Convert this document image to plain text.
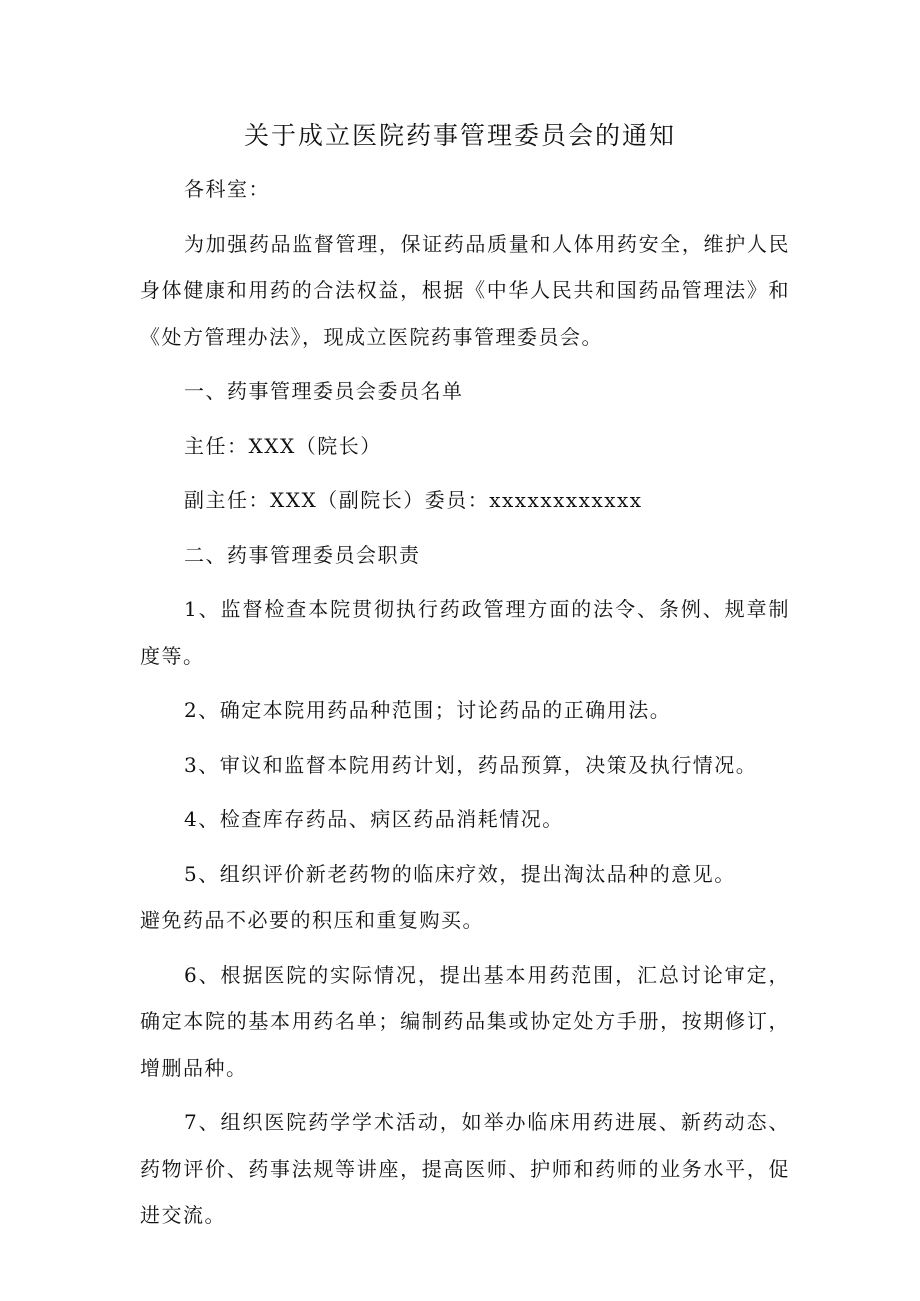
关于成立医院药事管理委员会的通知

各科室：

为加强药品监督管理，保证药品质量和人体用药安全，维护人民身体健康和用药的合法权益，根据《中华人民共和国药品管理法》和《处方管理办法》，现成立医院药事管理委员会。

一、药事管理委员会委员名单

主任：XXX（院长）

副主任：XXX（副院长）委员：xxxxxxxxxxxx

二、药事管理委员会职责

1、监督检查本院贯彻执行药政管理方面的法令、条例、规章制度等。

2、确定本院用药品种范围；讨论药品的正确用法。

3、审议和监督本院用药计划，药品预算，决策及执行情况。

4、检查库存药品、病区药品消耗情况。

5、组织评价新老药物的临床疗效，提出淘汰品种的意见。

避免药品不必要的积压和重复购买。

6、根据医院的实际情况，提出基本用药范围，汇总讨论审定，确定本院的基本用药名单；编制药品集或协定处方手册，按期修订，增删品种。

7、组织医院药学学术活动，如举办临床用药进展、新药动态、药物评价、药事法规等讲座，提高医师、护师和药师的业务水平，促进交流。
